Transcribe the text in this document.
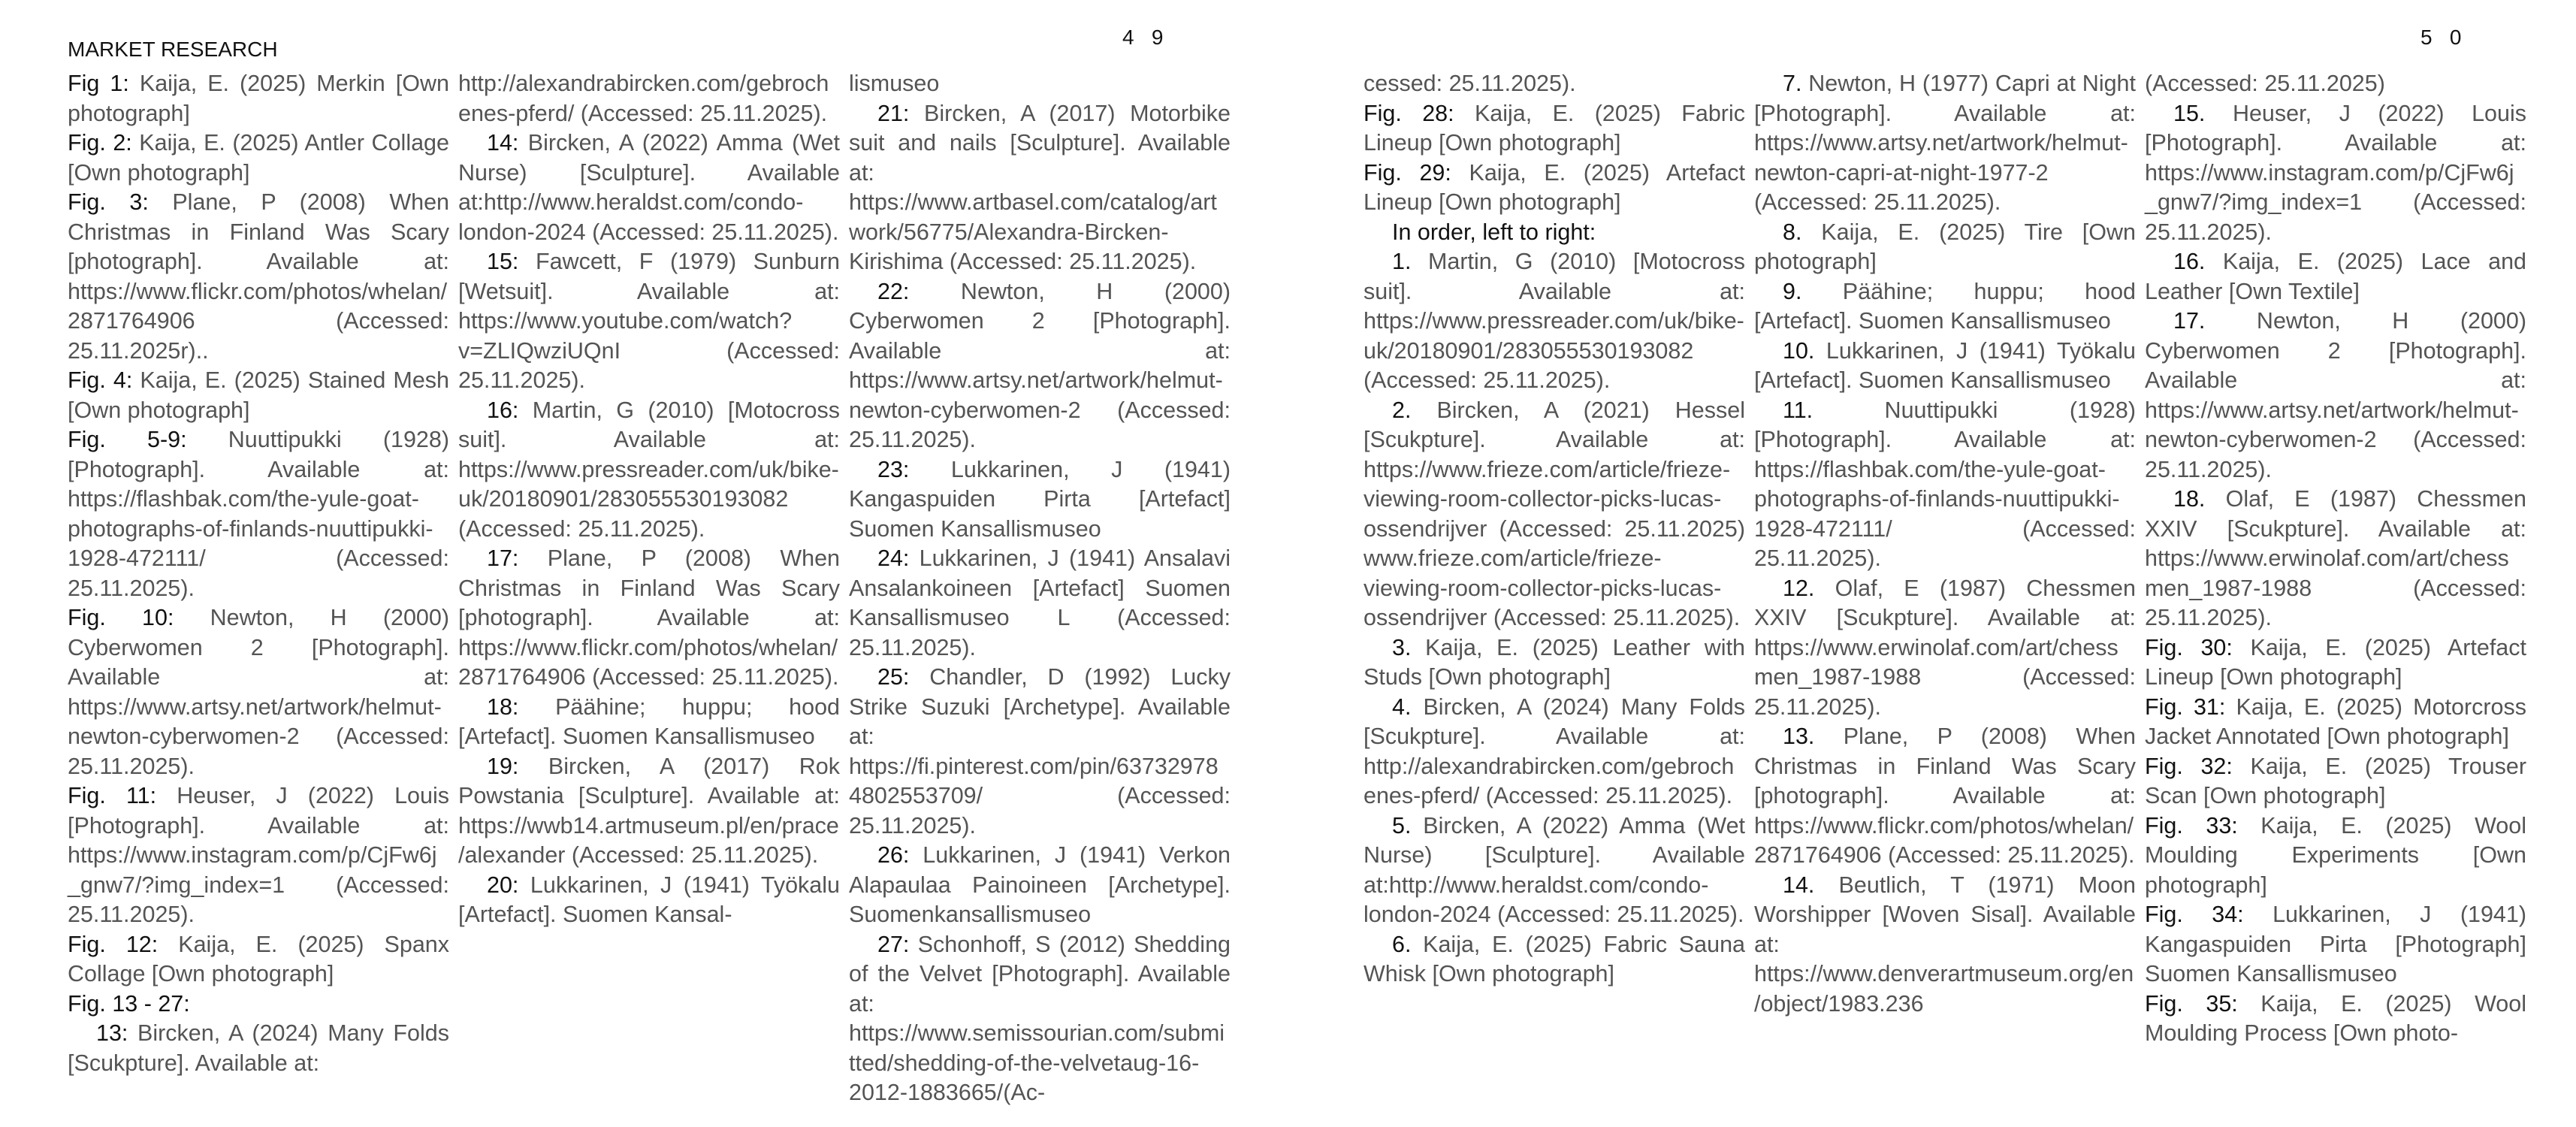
MARKET RESEARCH
4   9	5   0

Fig 1: Kaija, E. (2025) Merkin [Own photograph]

Fig. 2: Kaija, E. (2025) Antler Collage [Own photograph]

Fig. 3: Plane, P (2008) When Christmas in Finland Was Scary [photograph]. Available at: https://www.flickr.com/photos/whelan/2871764906 (Accessed: 25.11.2025r)..

Fig. 4: Kaija, E. (2025) Stained Mesh [Own photograph]

Fig. 5-9: Nuuttipukki (1928) [Photograph]. Available at: https://flashbak.com/the-yule-goat-photographs-of-finlands-nuuttipukki-1928-472111/ (Accessed: 25.11.2025).

Fig. 10: Newton, H (2000) Cyberwomen 2 [Photograph]. Available at: https://www.artsy.net/artwork/helmut-newton-cyberwomen-2 (Accessed: 25.11.2025).

Fig. 11: Heuser, J (2022) Louis [Photograph]. Available at: https://www.instagram.com/p/CjFw6j_gnw7/?img_index=1 (Accessed: 25.11.2025).

Fig. 12: Kaija, E. (2025) Spanx Collage [Own photograph]

Fig. 13 - 27:

13: Bircken, A (2024) Many Folds [Scukpture]. Available at:

http://alexandrabircken.com/gebrochenes-pferd/ (Accessed: 25.11.2025).

14: Bircken, A (2022) Amma (Wet Nurse) [Sculpture]. Available at:http://www.heraldst.com/condo-london-2024 (Accessed: 25.11.2025).

15: Fawcett, F (1979) Sunburn [Wetsuit]. Available at: https://www.youtube.com/watch?v=ZLIQwziUQnI (Accessed: 25.11.2025).

16: Martin, G (2010) [Motocross suit]. Available at: https://www.pressreader.com/uk/bike-uk/20180901/283055530193082 (Accessed: 25.11.2025).

17: Plane, P (2008) When Christmas in Finland Was Scary [photograph]. Available at: https://www.flickr.com/photos/whelan/2871764906 (Accessed: 25.11.2025).

18: Päähine; huppu; hood [Artefact]. Suomen Kansallismuseo

19: Bircken, A (2017) Rok Powstania [Sculpture]. Available at: https://wwb14.artmuseum.pl/en/prace/alexander (Accessed: 25.11.2025).

20: Lukkarinen, J (1941) Työkalu [Artefact]. Suomen Kansal-

lismuseo

21: Bircken, A (2017) Motorbike suit and nails [Sculpture]. Available at: https://www.artbasel.com/catalog/artwork/56775/Alexandra-Bircken-Kirishima (Accessed: 25.11.2025).

22: Newton, H (2000) Cyberwomen 2 [Photograph]. Available at: https://www.artsy.net/artwork/helmut-newton-cyberwomen-2 (Accessed: 25.11.2025).

23: Lukkarinen, J (1941) Kangaspuiden Pirta [Artefact] Suomen Kansallismuseo

24: Lukkarinen, J (1941) Ansalavi Ansalankoineen [Artefact] Suomen Kansallismuseo L (Accessed: 25.11.2025).

25: Chandler, D (1992) Lucky Strike Suzuki [Archetype]. Available at: https://fi.pinterest.com/pin/637329784802553709/ (Accessed: 25.11.2025).

26: Lukkarinen, J (1941) Verkon Alapaulaa Painoineen [Archetype]. Suomenkansallismuseo

27: Schonhoff, S (2012) Shedding of the Velvet [Photograph]. Available at: https://www.semissourian.com/submitted/shedding-of-the-velvetaug-16-2012-1883665/(Ac-

cessed: 25.11.2025).

Fig. 28: Kaija, E. (2025) Fabric Lineup [Own photograph]

Fig. 29: Kaija, E. (2025) Artefact Lineup [Own photograph]

In order, left to right:

1. Martin, G (2010) [Motocross suit]. Available at: https://www.pressreader.com/uk/bike-uk/20180901/283055530193082 (Accessed: 25.11.2025).

2. Bircken, A (2021) Hessel [Scukpture]. Available at: https://www.frieze.com/article/frieze-viewing-room-collector-picks-lucas-ossendrijver (Accessed: 25.11.2025) www.frieze.com/article/frieze-viewing-room-collector-picks-lucas-ossendrijver (Accessed: 25.11.2025).

3. Kaija, E. (2025) Leather with Studs [Own photograph]

4. Bircken, A (2024) Many Folds [Scukpture]. Available at: http://alexandrabircken.com/gebrochenes-pferd/ (Accessed: 25.11.2025).

5. Bircken, A (2022) Amma (Wet Nurse) [Sculpture]. Available at:http://www.heraldst.com/condo-london-2024 (Accessed: 25.11.2025).

6. Kaija, E. (2025) Fabric Sauna Whisk [Own photograph]

7. Newton, H (1977) Capri at Night [Photograph]. Available at: https://www.artsy.net/artwork/helmut-newton-capri-at-night-1977-2 (Accessed: 25.11.2025).

8. Kaija, E. (2025) Tire [Own photograph]

9. Päähine; huppu; hood [Artefact]. Suomen Kansallismuseo

10. Lukkarinen, J (1941) Työkalu [Artefact]. Suomen Kansallismuseo

11. Nuuttipukki (1928) [Photograph]. Available at: https://flashbak.com/the-yule-goat-photographs-of-finlands-nuuttipukki-1928-472111/ (Accessed: 25.11.2025).

12. Olaf, E (1987) Chessmen XXIV [Scukpture]. Available at: https://www.erwinolaf.com/art/chessmen_1987-1988 (Accessed: 25.11.2025).

13. Plane, P (2008) When Christmas in Finland Was Scary [photograph]. Available at: https://www.flickr.com/photos/whelan/2871764906 (Accessed: 25.11.2025).

14. Beutlich, T (1971) Moon Worshipper [Woven Sisal]. Available at: https://www.denverartmuseum.org/en/object/1983.236

(Accessed: 25.11.2025)

15. Heuser, J (2022) Louis [Photograph]. Available at: https://www.instagram.com/p/CjFw6j_gnw7/?img_index=1 (Accessed: 25.11.2025).

16. Kaija, E. (2025) Lace and Leather [Own Textile]

17. Newton, H (2000) Cyberwomen 2 [Photograph]. Available at: https://www.artsy.net/artwork/helmut-newton-cyberwomen-2 (Accessed: 25.11.2025).

18. Olaf, E (1987) Chessmen XXIV [Scukpture]. Available at: https://www.erwinolaf.com/art/chessmen_1987-1988 (Accessed: 25.11.2025).

Fig. 30: Kaija, E. (2025) Artefact Lineup [Own photograph]

Fig. 31: Kaija, E. (2025) Motorcross Jacket Annotated [Own photograph]

Fig. 32: Kaija, E. (2025) Trouser Scan [Own photograph]

Fig. 33: Kaija, E. (2025) Wool Moulding Experiments [Own photograph]

Fig. 34: Lukkarinen, J (1941) Kangaspuiden Pirta [Photograph] Suomen Kansallismuseo

Fig. 35: Kaija, E. (2025) Wool Moulding Process [Own photo-
